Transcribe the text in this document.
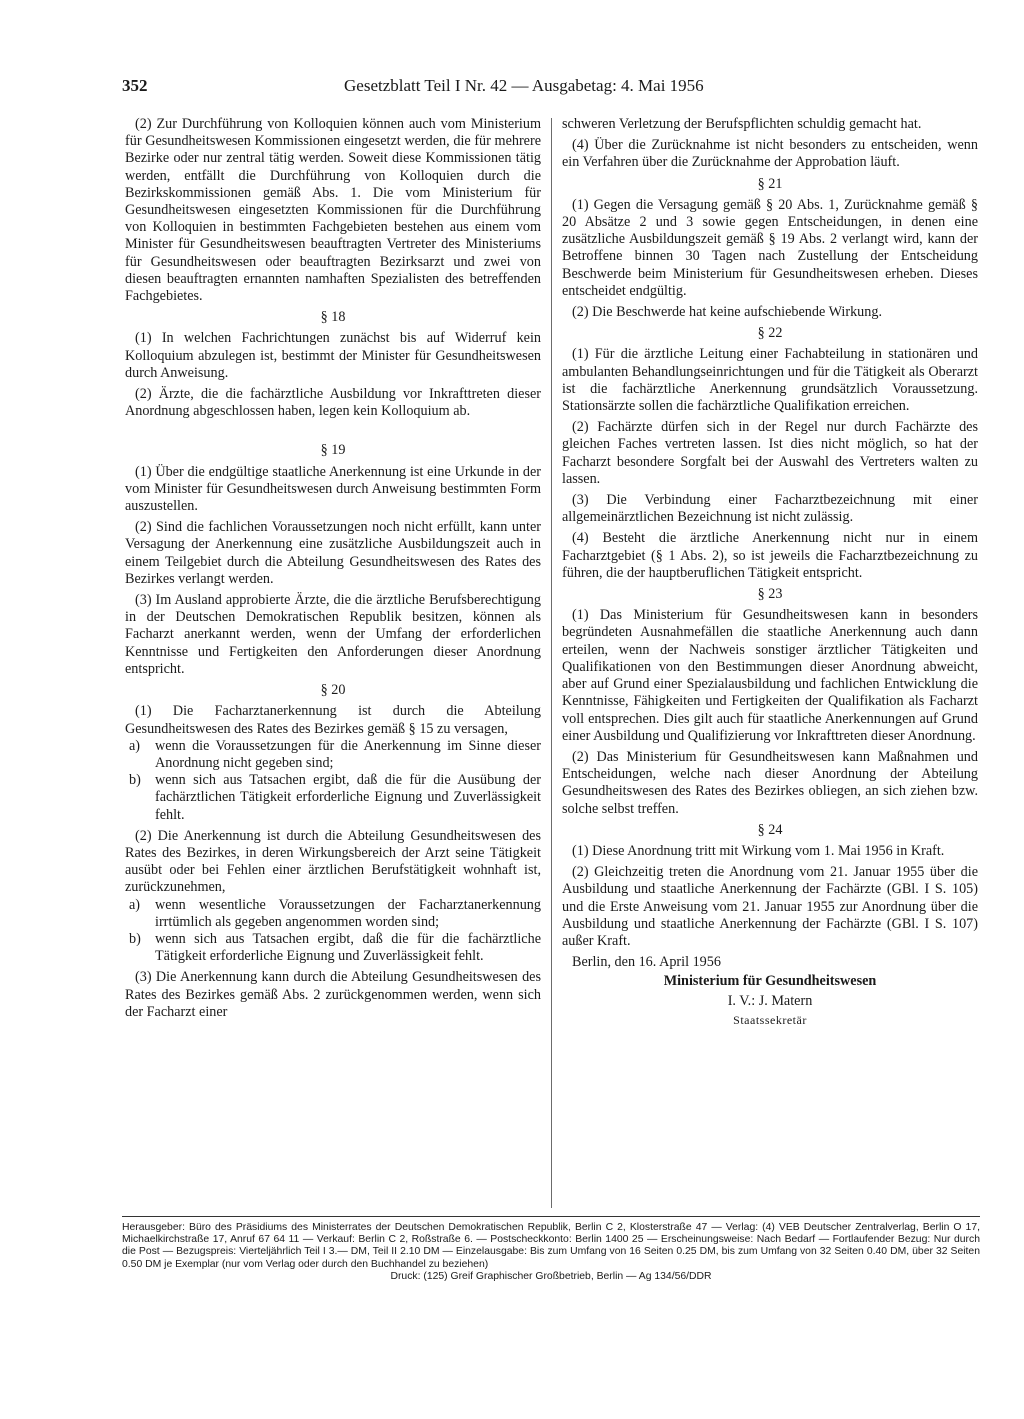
352	Gesetzblatt Teil I Nr. 42 — Ausgabetag: 4. Mai 1956

(2) Zur Durchführung von Kolloquien können auch vom Ministerium für Gesundheitswesen Kommissionen eingesetzt werden, die für mehrere Bezirke oder nur zentral tätig werden. Soweit diese Kommissionen tätig werden, entfällt die Durchführung von Kolloquien durch die Bezirkskommissionen gemäß Abs. 1. Die vom Ministerium für Gesundheitswesen eingesetzten Kommissionen für die Durchführung von Kolloquien in bestimmten Fachgebieten bestehen aus einem vom Minister für Gesundheitswesen beauftragten Vertreter des Ministeriums für Gesundheitswesen oder beauftragten Bezirksarzt und zwei von diesen beauftragten ernannten namhaften Spezialisten des betreffenden Fachgebietes.

§ 18

(1) In welchen Fachrichtungen zunächst bis auf Widerruf kein Kolloquium abzulegen ist, bestimmt der Minister für Gesundheitswesen durch Anweisung.

(2) Ärzte, die die fachärztliche Ausbildung vor Inkrafttreten dieser Anordnung abgeschlossen haben, legen kein Kolloquium ab.

§ 19

(1) Über die endgültige staatliche Anerkennung ist eine Urkunde in der vom Minister für Gesundheitswesen durch Anweisung bestimmten Form auszustellen.

(2) Sind die fachlichen Voraussetzungen noch nicht erfüllt, kann unter Versagung der Anerkennung eine zusätzliche Ausbildungszeit auch in einem Teilgebiet durch die Abteilung Gesundheitswesen des Rates des Bezirkes verlangt werden.

(3) Im Ausland approbierte Ärzte, die die ärztliche Berufsberechtigung in der Deutschen Demokratischen Republik besitzen, können als Facharzt anerkannt werden, wenn der Umfang der erforderlichen Kenntnisse und Fertigkeiten den Anforderungen dieser Anordnung entspricht.

§ 20

(1) Die Facharztanerkennung ist durch die Abteilung Gesundheitswesen des Rates des Bezirkes gemäß § 15 zu versagen,

a)	wenn die Voraussetzungen für die Anerkennung im Sinne dieser Anordnung nicht gegeben sind;
b) wenn sich aus Tatsachen ergibt, daß die für die Ausübung der fachärztlichen Tätigkeit erforderliche Eignung und Zuverlässigkeit fehlt.

(2) Die Anerkennung ist durch die Abteilung Gesundheitswesen des Rates des Bezirkes, in deren Wirkungsbereich der Arzt seine Tätigkeit ausübt oder bei Fehlen einer ärztlichen Berufstätigkeit wohnhaft ist, zurückzunehmen,

a)	wenn wesentliche Voraussetzungen der Facharztanerkennung irrtümlich als gegeben angenommen worden sind;
b) wenn sich aus Tatsachen ergibt, daß die für die fachärztliche Tätigkeit erforderliche Eignung und Zuverlässigkeit fehlt.

(3) Die Anerkennung kann durch die Abteilung Gesundheitswesen des Rates des Bezirkes gemäß Abs. 2 zurückgenommen werden, wenn sich der Facharzt einer

schweren Verletzung der Berufspflichten schuldig gemacht hat.

(4) Über die Zurücknahme ist nicht besonders zu entscheiden, wenn ein Verfahren über die Zurücknahme der Approbation läuft.

§ 21

(1) Gegen die Versagung gemäß § 20 Abs. 1, Zurücknahme gemäß § 20 Absätze 2 und 3 sowie gegen Entscheidungen, in denen eine zusätzliche Ausbildungszeit gemäß § 19 Abs. 2 verlangt wird, kann der Betroffene binnen 30 Tagen nach Zustellung der Entscheidung Beschwerde beim Ministerium für Gesundheitswesen erheben. Dieses entscheidet endgültig.

(2) Die Beschwerde hat keine aufschiebende Wirkung.

§ 22

(1) Für die ärztliche Leitung einer Fachabteilung in stationären und ambulanten Behandlungseinrichtungen und für die Tätigkeit als Oberarzt ist die fachärztliche Anerkennung grundsätzlich Voraussetzung. Stationsärzte sollen die fachärztliche Qualifikation erreichen.

(2) Fachärzte dürfen sich in der Regel nur durch Fachärzte des gleichen Faches vertreten lassen. Ist dies nicht möglich, so hat der Facharzt besondere Sorgfalt bei der Auswahl des Vertreters walten zu lassen.

(3) Die Verbindung einer Facharztbezeichnung mit einer allgemeinärztlichen Bezeichnung ist nicht zulässig.

(4) Besteht die ärztliche Anerkennung nicht nur in einem Facharztgebiet (§ 1 Abs. 2), so ist jeweils die Facharztbezeichnung zu führen, die der hauptberuflichen Tätigkeit entspricht.

§ 23

(1) Das Ministerium für Gesundheitswesen kann in besonders begründeten Ausnahmefällen die staatliche Anerkennung auch dann erteilen, wenn der Nachweis sonstiger ärztlicher Tätigkeiten und Qualifikationen von den Bestimmungen dieser Anordnung abweicht, aber auf Grund einer Spezialausbildung und fachlichen Entwicklung die Kenntnisse, Fähigkeiten und Fertigkeiten der Qualifikation als Facharzt voll entsprechen. Dies gilt auch für staatliche Anerkennungen auf Grund einer Ausbildung und Qualifizierung vor Inkrafttreten dieser Anordnung.

(2) Das Ministerium für Gesundheitswesen kann Maßnahmen und Entscheidungen, welche nach dieser Anordnung der Abteilung Gesundheitswesen des Rates des Bezirkes obliegen, an sich ziehen bzw. solche selbst treffen.

§ 24

(1) Diese Anordnung tritt mit Wirkung vom 1. Mai 1956 in Kraft.

(2) Gleichzeitig treten die Anordnung vom 21. Januar 1955 über die Ausbildung und staatliche Anerkennung der Fachärzte (GBl. I S. 105) und die Erste Anweisung vom 21. Januar 1955 zur Anordnung über die Ausbildung und staatliche Anerkennung der Fachärzte (GBl. I S. 107) außer Kraft.

Berlin, den 16. April 1956

Ministerium für Gesundheitswesen
I. V.: J. Matern
Staatssekretär
Herausgeber: Büro des Präsidiums des Ministerrates der Deutschen Demokratischen Republik, Berlin C 2, Klosterstraße 47 — Verlag: (4) VEB Deutscher Zentralverlag, Berlin O 17, Michaelkirchstraße 17, Anruf 67 64 11 — Verkauf: Berlin C 2, Roßstraße 6. — Postscheckkonto: Berlin 1400 25 — Erscheinungsweise: Nach Bedarf — Fortlaufender Bezug: Nur durch die Post — Bezugspreis: Vierteljährlich Teil I 3.— DM, Teil II 2.10 DM — Einzelausgabe: Bis zum Umfang von 16 Seiten 0.25 DM, bis zum Umfang von 32 Seiten 0.40 DM, über 32 Seiten 0.50 DM je Exemplar (nur vom Verlag oder durch den Buchhandel zu beziehen)
Druck: (125) Greif Graphischer Großbetrieb, Berlin — Ag 134/56/DDR
